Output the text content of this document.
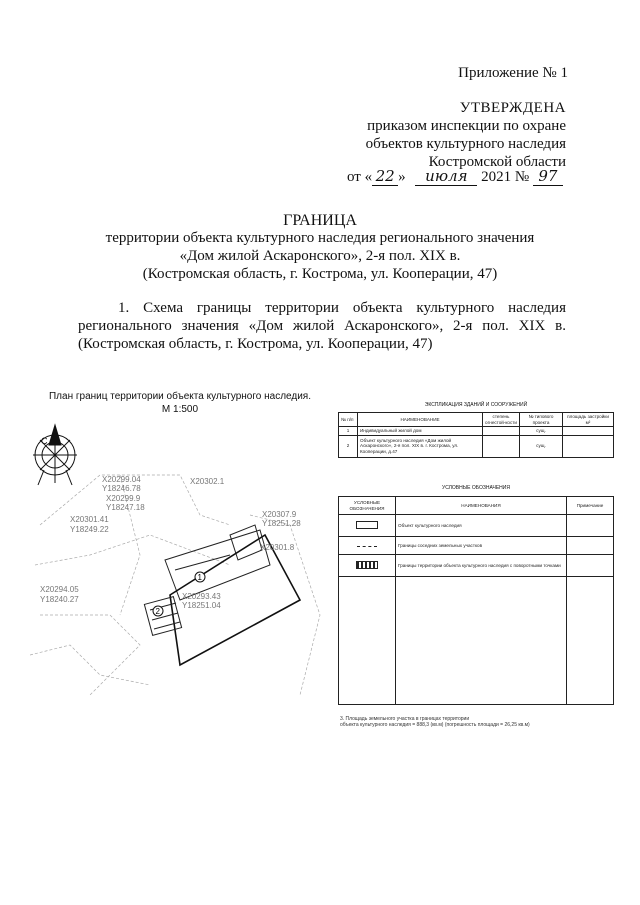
Приложение № 1
УТВЕРЖДЕНА
приказом инспекции по охране
объектов культурного наследия
Костромской области
от « 22 » июля 2021 № 97
ГРАНИЦА
территории объекта культурного наследия регионального значения
«Дом жилой Аскаронского», 2-я пол. XIX в.
(Костромская область, г. Кострома, ул. Кооперации, 47)
1. Схема границы территории объекта культурного наследия
регионального значения «Дом жилой Аскаронского», 2-я пол. XIX в.
(Костромская область, г. Кострома, ул. Кооперации, 47)
План границ территории объекта культурного наследия.
М 1:500
1
2
С
Х20299.04
Y18246.78
Х20299.9
Y18247.18
Х20301.41
Y18249.22
Х20302.1
Х20294.05
Y18240.27	Х20293.43
Y18251.04
Х20307.9
Y18251.28
Х20301.8
ЭКСПЛИКАЦИЯ ЗДАНИЙ И СООРУЖЕНИЙ
№ п/п	НАИМЕНОВАНИЕ	степень огнестой-кости	№ типового проекта	площадь застройки м²
1	Индивидуальный жилой дом		сущ.	
2	Объект культурного наследия «Дом жилой Аскаронского», 2-я пол. XIX в. г. Кострома, ул. Кооперации, д.47		сущ.	
УСЛОВНЫЕ ОБОЗНАЧЕНИЯ
УСЛОВНЫЕ ОБОЗНАЧЕНИЯ	НАИМЕНОВАНИЯ	Примечание
	Объект культурного наследия	
	Границы соседних земельных участков	
	Границы территории объекта культурного наследия с поворотными точками	

3. Площадь земельного участка в границах территории
объекта культурного наследия = 888,3 (кв.м) (погрешность площади = 26,25 кв.м)
